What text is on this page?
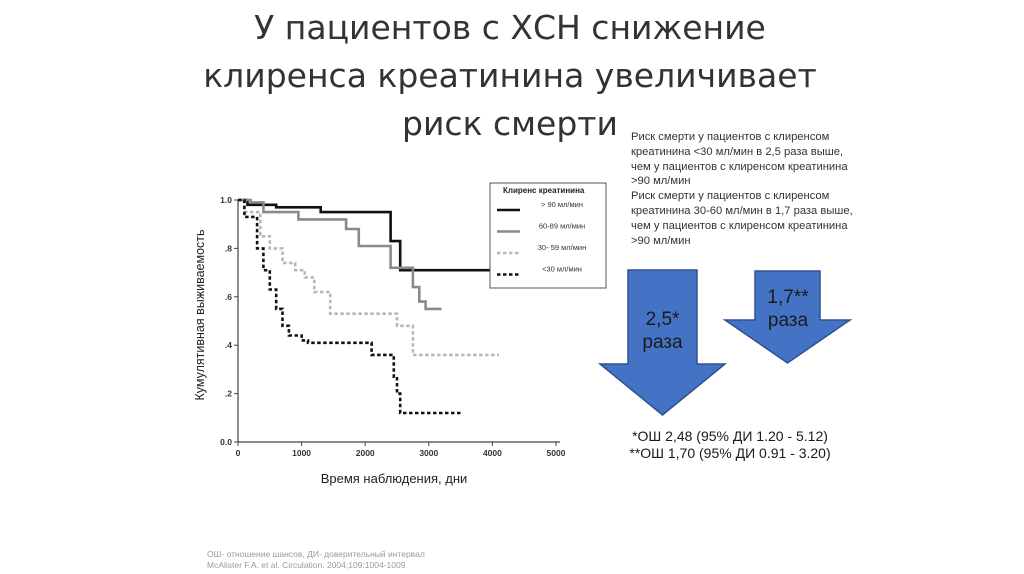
У пациентов с ХСН снижение
клиренса креатинина увеличивает
риск смерти	Риск смерти у пациентов с клиренсом
креатинина <30 мл/мин в 2,5 раза выше,
чем у пациентов с клиренсом креатинина
>90 мл/мин
Риск смерти у пациентов с клиренсом
креатинина 30-60 мл/мин в 1,7 раза выше,
чем у пациентов с клиренсом креатинина
>90 мл/мин
Кумулятивная выживаемость
0.0
.2
.4
.6
.8
1.0
0	1000	2000	3000	4000	5000
Клиренс креатинина
> 90 мл/мин
60-89 мл/мин
30- 59 мл/мин
<30 мл/мин
Время наблюдения, дни
2,5*
раза
1,7**
раза
*ОШ 2,48 (95% ДИ 1.20 - 5.12)
**ОШ 1,70 (95% ДИ 0.91 - 3.20)
ОШ- отношение шансов, ДИ- доверительный интервал
McAlister F.A. et al. Circulation. 2004;109:1004-1009
